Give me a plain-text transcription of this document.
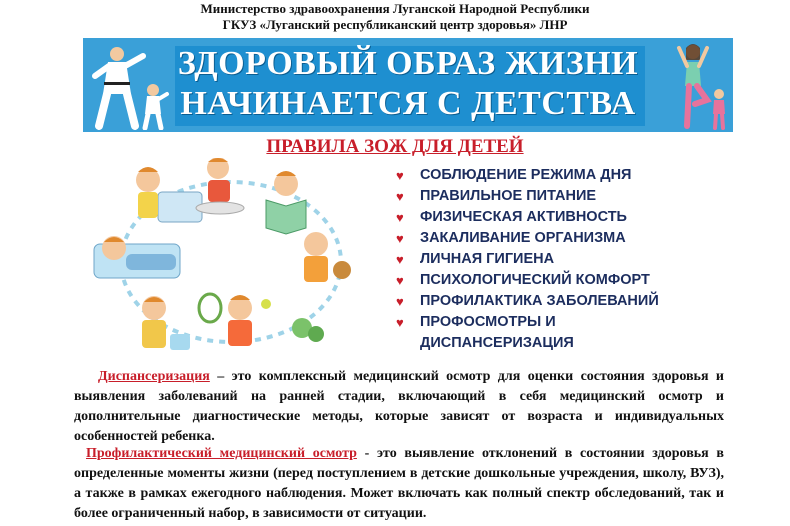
Министерство здравоохранения Луганской Народной Республики
ГКУЗ «Луганский республиканский центр здоровья» ЛНР
ЗДОРОВЫЙ ОБРАЗ ЖИЗНИ
НАЧИНАЕТСЯ С ДЕТСТВА
ПРАВИЛА ЗОЖ ДЛЯ ДЕТЕЙ
♥ СОБЛЮДЕНИЕ РЕЖИМА ДНЯ
♥ ПРАВИЛЬНОЕ ПИТАНИЕ
♥ ФИЗИЧЕСКАЯ АКТИВНОСТЬ
♥ ЗАКАЛИВАНИЕ ОРГАНИЗМА
♥ ЛИЧНАЯ ГИГИЕНА
♥ ПСИХОЛОГИЧЕСКИЙ КОМФОРТ
♥ ПРОФИЛАКТИКА ЗАБОЛЕВАНИЙ
♥ ПРОФОСМОТРЫ И
ДИСПАНСЕРИЗАЦИЯ
Диспансеризация – это комплексный медицинский осмотр для оценки состояния здоровья и выявления заболеваний на ранней стадии, включающий в себя медицинский осмотр и дополнительные диагностические методы, которые зависят от возраста и индивидуальных особенностей ребенка.
Профилактический медицинский осмотр - это выявление отклонений в состоянии здоровья в определенные моменты жизни (перед поступлением в детские дошкольные учреждения, школу, ВУЗ), а также в рамках ежегодного наблюдения. Может включать как полный спектр обследований, так и более ограниченный набор, в зависимости от ситуации.
